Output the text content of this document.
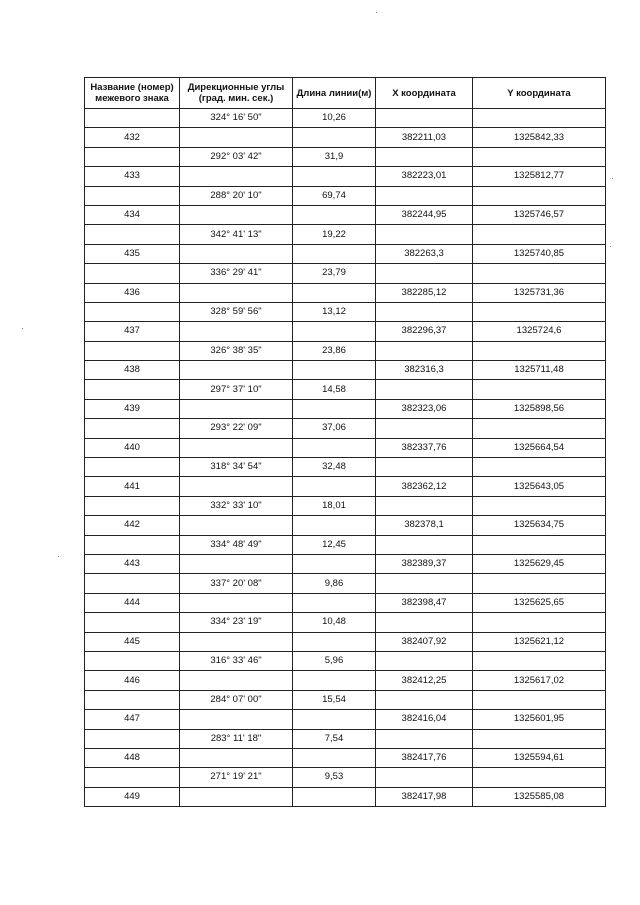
Название (номер) межевого знака	Дирекционные углы (град. мин. сек.)	Длина линии(м)	X координата	Y координата
	324° 16' 50"	10,26		
432			382211,03	1325842,33
	292° 03' 42"	31,9		
433			382223,01	1325812,77
	288° 20' 10"	69,74		
434			382244,95	1325746,57
	342° 41' 13"	19,22		
435			382263,3	1325740,85
	336° 29' 41"	23,79		
436			382285,12	1325731,36
	328° 59' 56"	13,12		
437			382296,37	1325724,6
	326° 38' 35"	23,86		
438			382316,3	1325711,48
	297° 37' 10"	14,58		
439			382323,06	1325898,56
	293° 22' 09"	37,06		
440			382337,76	1325664,54
	318° 34' 54"	32,48		
441			382362,12	1325643,05
	332° 33' 10"	18,01		
442			382378,1	1325634,75
	334° 48' 49"	12,45		
443			382389,37	1325629,45
	337° 20' 08"	9,86		
444			382398,47	1325625,65
	334° 23' 19"	10,48		
445			382407,92	1325621,12
	316° 33' 46"	5,96		
446			382412,25	1325617,02
	284° 07' 00"	15,54		
447			382416,04	1325601,95
	283° 11' 18"	7,54		
448			382417,76	1325594,61
	271° 19' 21"	9,53		
449			382417,98	1325585,08
